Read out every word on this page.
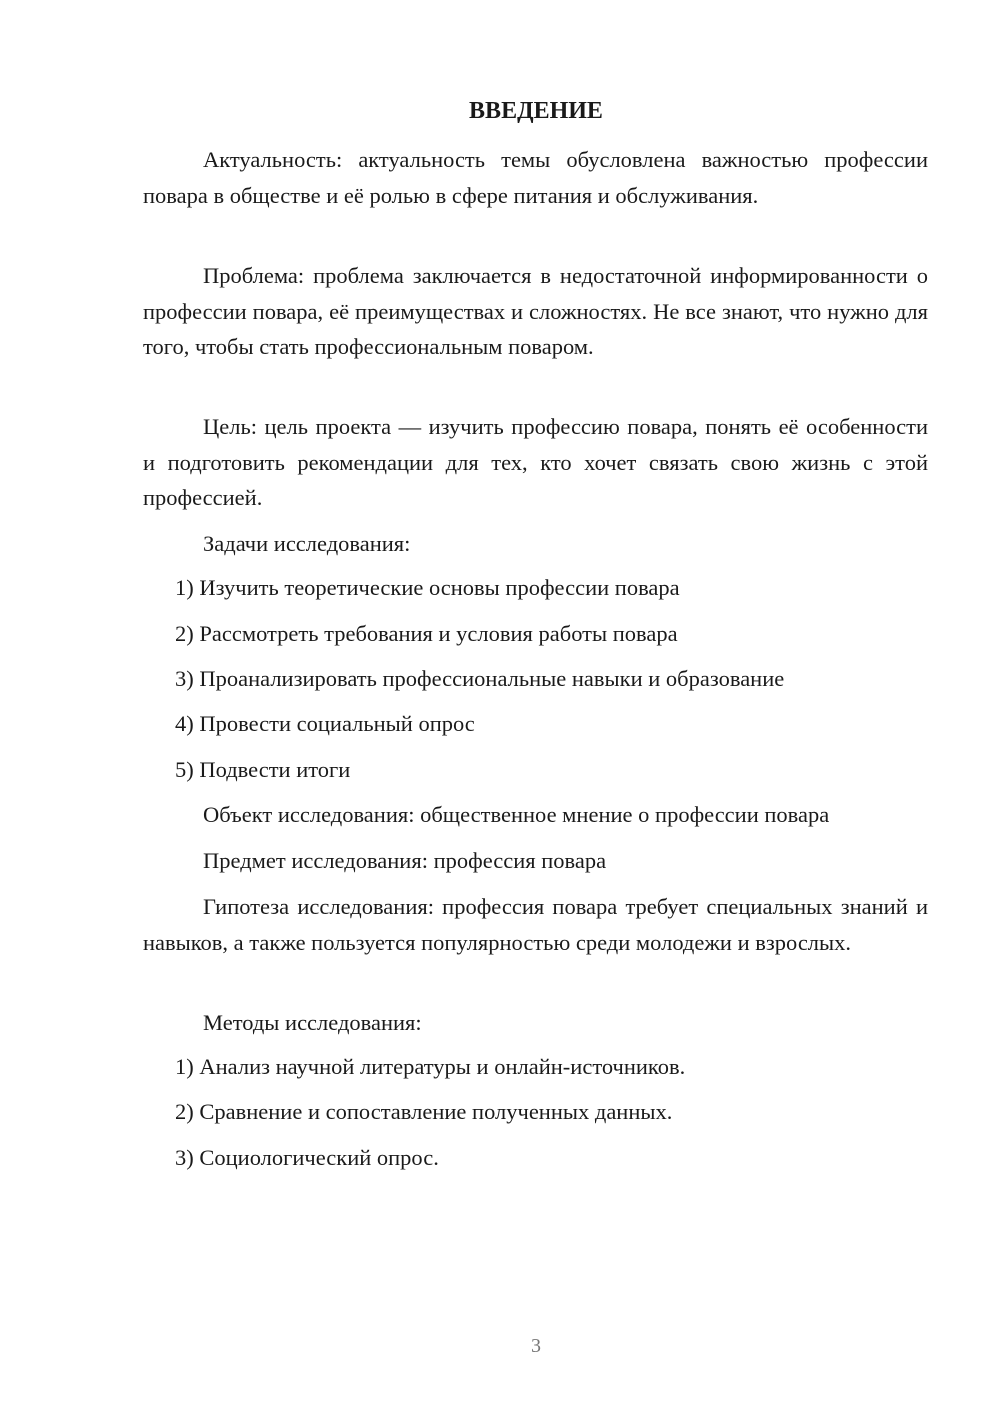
ВВЕДЕНИЕ

Актуальность: актуальность темы обусловлена важностью профессии повара в обществе и её ролью в сфере питания и обслуживания.

Проблема: проблема заключается в недостаточной информированности о профессии повара, её преимуществах и сложностях. Не все знают, что нужно для того, чтобы стать профессиональным поваром.

Цель: цель проекта — изучить профессию повара, понять её особенности и подготовить рекомендации для тех, кто хочет связать свою жизнь с этой профессией.

Задачи исследования:

1) Изучить теоретические основы профессии повара

2) Рассмотреть требования и условия работы повара

3) Проанализировать профессиональные навыки и образование

4) Провести социальный опрос

5) Подвести итоги

Объект исследования: общественное мнение о профессии повара

Предмет исследования: профессия повара

Гипотеза исследования: профессия повара требует специальных знаний и навыков, а также пользуется популярностью среди молодежи и взрослых.

Методы исследования:

1) Анализ научной литературы и онлайн-источников.

2) Сравнение и сопоставление полученных данных.

3) Социологический опрос.

3
